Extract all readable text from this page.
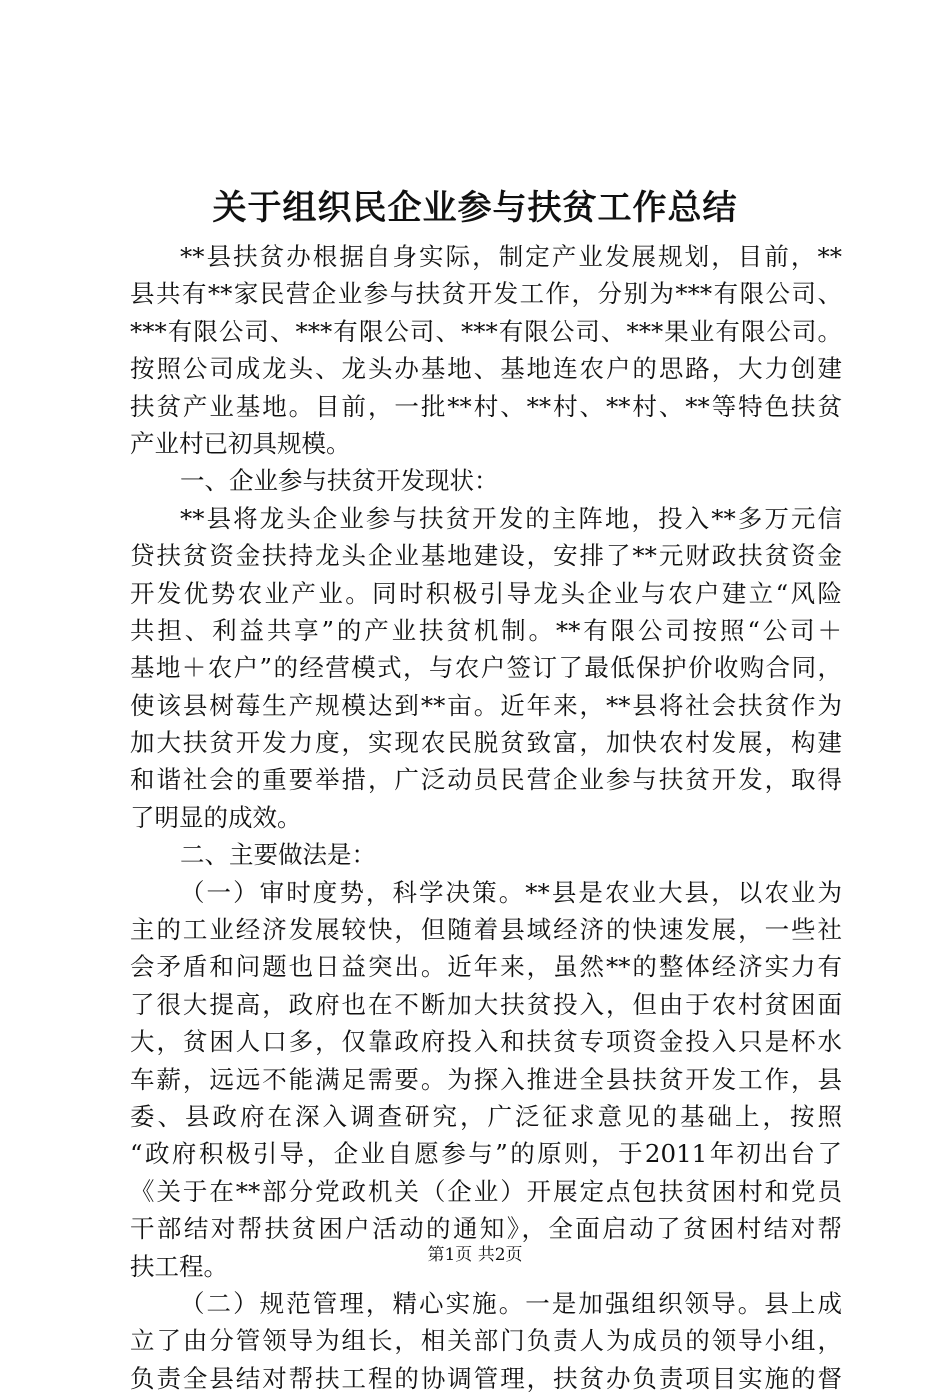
关于组织民企业参与扶贫工作总结
**县扶贫办根据自身实际，制定产业发展规划，目前，**
县共有**家民营企业参与扶贫开发工作，分别为***有限公司、
***有限公司、***有限公司、***有限公司、***果业有限公司。
按照公司成龙头、龙头办基地、基地连农户的思路，大力创建
扶贫产业基地。目前，一批**村、**村、**村、**等特色扶贫
产业村已初具规模。
一、企业参与扶贫开发现状：
**县将龙头企业参与扶贫开发的主阵地，投入**多万元信
贷扶贫资金扶持龙头企业基地建设，安排了**元财政扶贫资金
开发优势农业产业。同时积极引导龙头企业与农户建立“风险
共担、利益共享”的产业扶贫机制。**有限公司按照“公司＋
基地＋农户”的经营模式，与农户签订了最低保护价收购合同，
使该县树莓生产规模达到**亩。近年来，**县将社会扶贫作为
加大扶贫开发力度，实现农民脱贫致富，加快农村发展，构建
和谐社会的重要举措，广泛动员民营企业参与扶贫开发，取得
了明显的成效。
二、主要做法是：
（一）审时度势，科学决策。**县是农业大县，以农业为
主的工业经济发展较快，但随着县域经济的快速发展，一些社
会矛盾和问题也日益突出。近年来，虽然**的整体经济实力有
了很大提高，政府也在不断加大扶贫投入，但由于农村贫困面
大，贫困人口多，仅靠政府投入和扶贫专项资金投入只是杯水
车薪，远远不能满足需要。为探入推进全县扶贫开发工作，县
委、县政府在深入调查研究，广泛征求意见的基础上，按照
“政府积极引导，企业自愿参与”的原则，于2011年初出台了
《关于在**部分党政机关（企业）开展定点包扶贫困村和党员
干部结对帮扶贫困户活动的通知》，全面启动了贫困村结对帮
扶工程。
（二）规范管理，精心实施。一是加强组织领导。县上成
立了由分管领导为组长，相关部门负责人为成员的领导小组，
负责全县结对帮扶工程的协调管理，扶贫办负责项目实施的督
第1页 共2页
